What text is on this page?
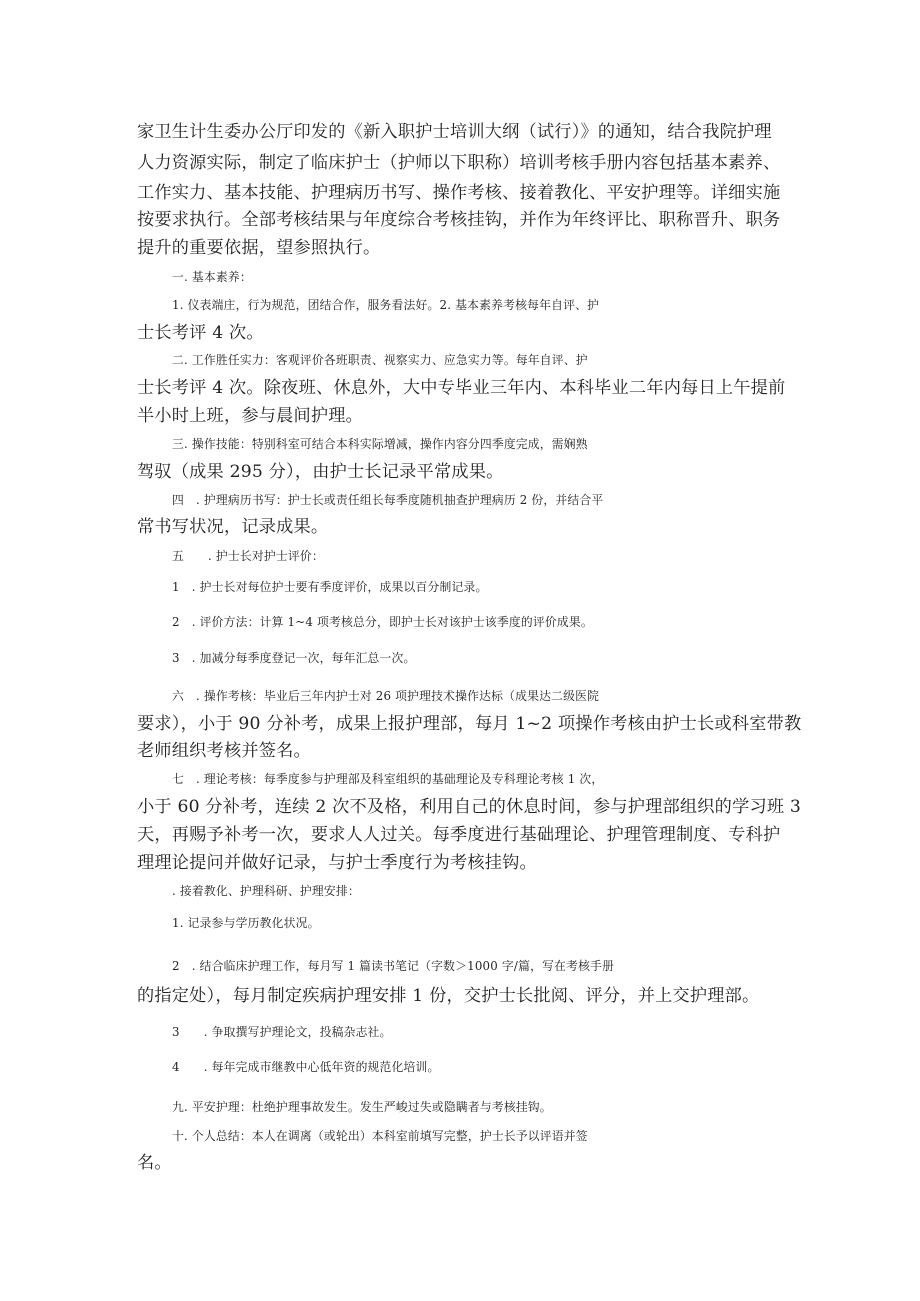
家卫生计生委办公厅印发的《新入职护士培训大纲（试行）》的通知，结合我院护理

人力资源实际，制定了临床护士（护师以下职称）培训考核手册内容包括基本素养、

工作实力、基本技能、护理病历书写、操作考核、接着教化、平安护理等。详细实施

按要求执行。全部考核结果与年度综合考核挂钩，并作为年终评比、职称晋升、职务

提升的重要依据，望参照执行。

一. 基本素养：

1. 仪表端庄，行为规范，团结合作，服务看法好。2. 基本素养考核每年自评、护

士长考评 4 次。

二. 工作胜任实力：客观评价各班职责、视察实力、应急实力等。每年自评、护

士长考评 4 次。除夜班、休息外，大中专毕业三年内、本科毕业二年内每日上午提前

半小时上班，参与晨间护理。

三. 操作技能：特别科室可结合本科实际增减，操作内容分四季度完成，需娴熟

驾驭（成果 295 分），由护士长记录平常成果。

四　. 护理病历书写：护士长或责任组长每季度随机抽查护理病历 2 份，并结合平

常书写状况，记录成果。

五　　. 护士长对护士评价：

1　. 护士长对每位护士要有季度评价，成果以百分制记录。

2　. 评价方法：计算 1~4 项考核总分，即护士长对该护士该季度的评价成果。

3　. 加减分每季度登记一次，每年汇总一次。

六　. 操作考核：毕业后三年内护士对 26 项护理技术操作达标（成果达二级医院

要求），小于 90 分补考，成果上报护理部，每月 1~2 项操作考核由护士长或科室带教

老师组织考核并签名。

七　. 理论考核：每季度参与护理部及科室组织的基础理论及专科理论考核 1 次，

小于 60 分补考，连续 2 次不及格，利用自己的休息时间，参与护理部组织的学习班 3

天，再赐予补考一次，要求人人过关。每季度进行基础理论、护理管理制度、专科护

理理论提问并做好记录，与护士季度行为考核挂钩。

. 接着教化、护理科研、护理安排：

1. 记录参与学历教化状况。

2　. 结合临床护理工作，每月写 1 篇读书笔记（字数＞1000 字/篇，写在考核手册

的指定处），每月制定疾病护理安排 1 份，交护士长批阅、评分，并上交护理部。

3　　. 争取撰写护理论文，投稿杂志社。

4　　. 每年完成市继教中心低年资的规范化培训。

九. 平安护理：杜绝护理事故发生。发生严峻过失或隐瞒者与考核挂钩。

十. 个人总结：本人在调离（或轮出）本科室前填写完整，护士长予以评语并签

名。
